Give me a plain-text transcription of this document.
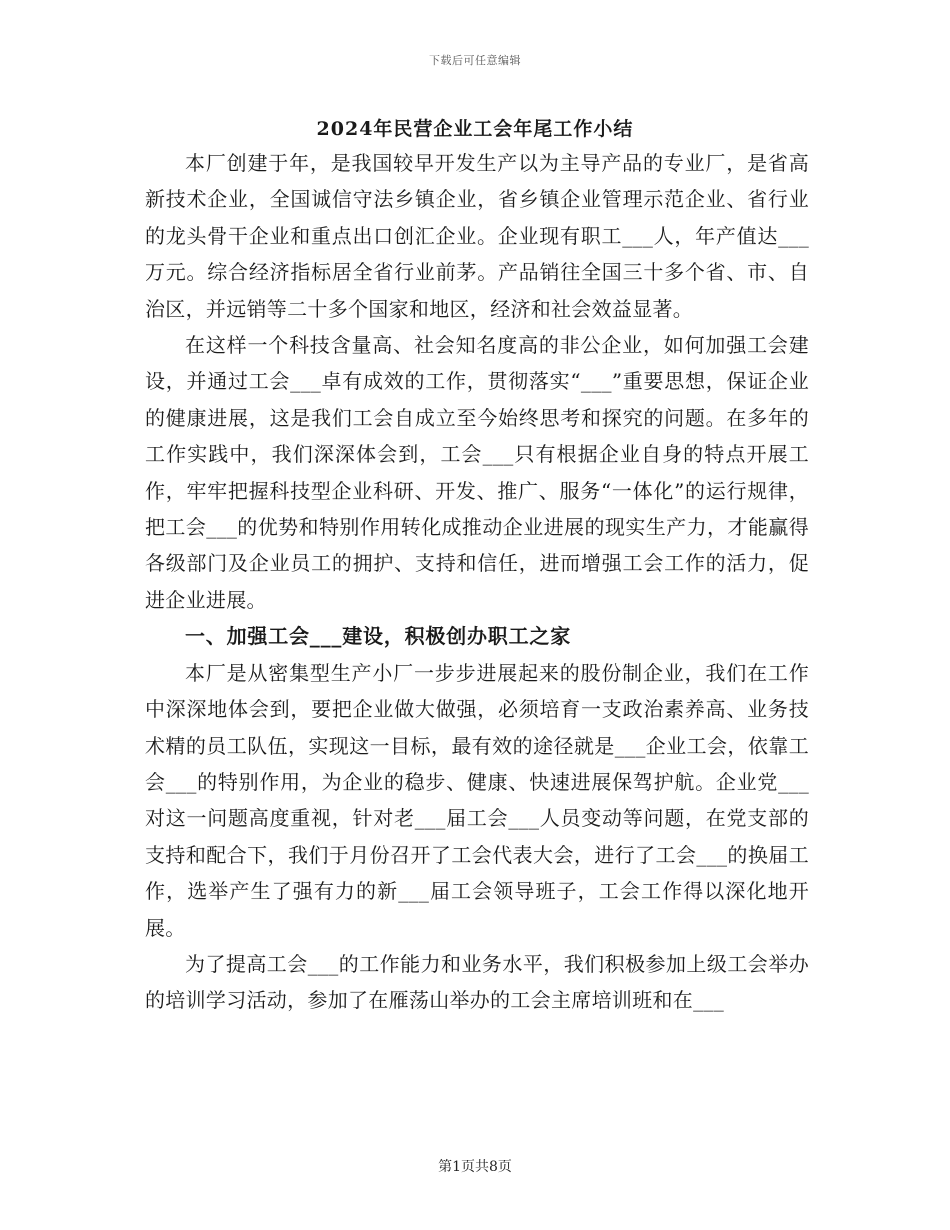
下载后可任意编辑
2024年民营企业工会年尾工作小结

本厂创建于年，是我国较早开发生产以为主导产品的专业厂，是省高新技术企业，全国诚信守法乡镇企业，省乡镇企业管理示范企业、省行业的龙头骨干企业和重点出口创汇企业。企业现有职工___人，年产值达___万元。综合经济指标居全省行业前茅。产品销往全国三十多个省、市、自治区，并远销等二十多个国家和地区，经济和社会效益显著。

在这样一个科技含量高、社会知名度高的非公企业，如何加强工会建设，并通过工会___卓有成效的工作，贯彻落实“___”重要思想，保证企业的健康进展，这是我们工会自成立至今始终思考和探究的问题。在多年的工作实践中，我们深深体会到，工会___只有根据企业自身的特点开展工作，牢牢把握科技型企业科研、开发、推广、服务“一体化”的运行规律，把工会___的优势和特别作用转化成推动企业进展的现实生产力，才能赢得各级部门及企业员工的拥护、支持和信任，进而增强工会工作的活力，促进企业进展。

一、加强工会___建设，积极创办职工之家

本厂是从密集型生产小厂一步步进展起来的股份制企业，我们在工作中深深地体会到，要把企业做大做强，必须培育一支政治素养高、业务技术精的员工队伍，实现这一目标，最有效的途径就是___企业工会，依靠工会___的特别作用，为企业的稳步、健康、快速进展保驾护航。企业党___对这一问题高度重视，针对老___届工会___人员变动等问题，在党支部的支持和配合下，我们于月份召开了工会代表大会，进行了工会___的换届工作，选举产生了强有力的新___届工会领导班子，工会工作得以深化地开展。

为了提高工会___的工作能力和业务水平，我们积极参加上级工会举办的培训学习活动，参加了在雁荡山举办的工会主席培训班和在___

第1页共8页
